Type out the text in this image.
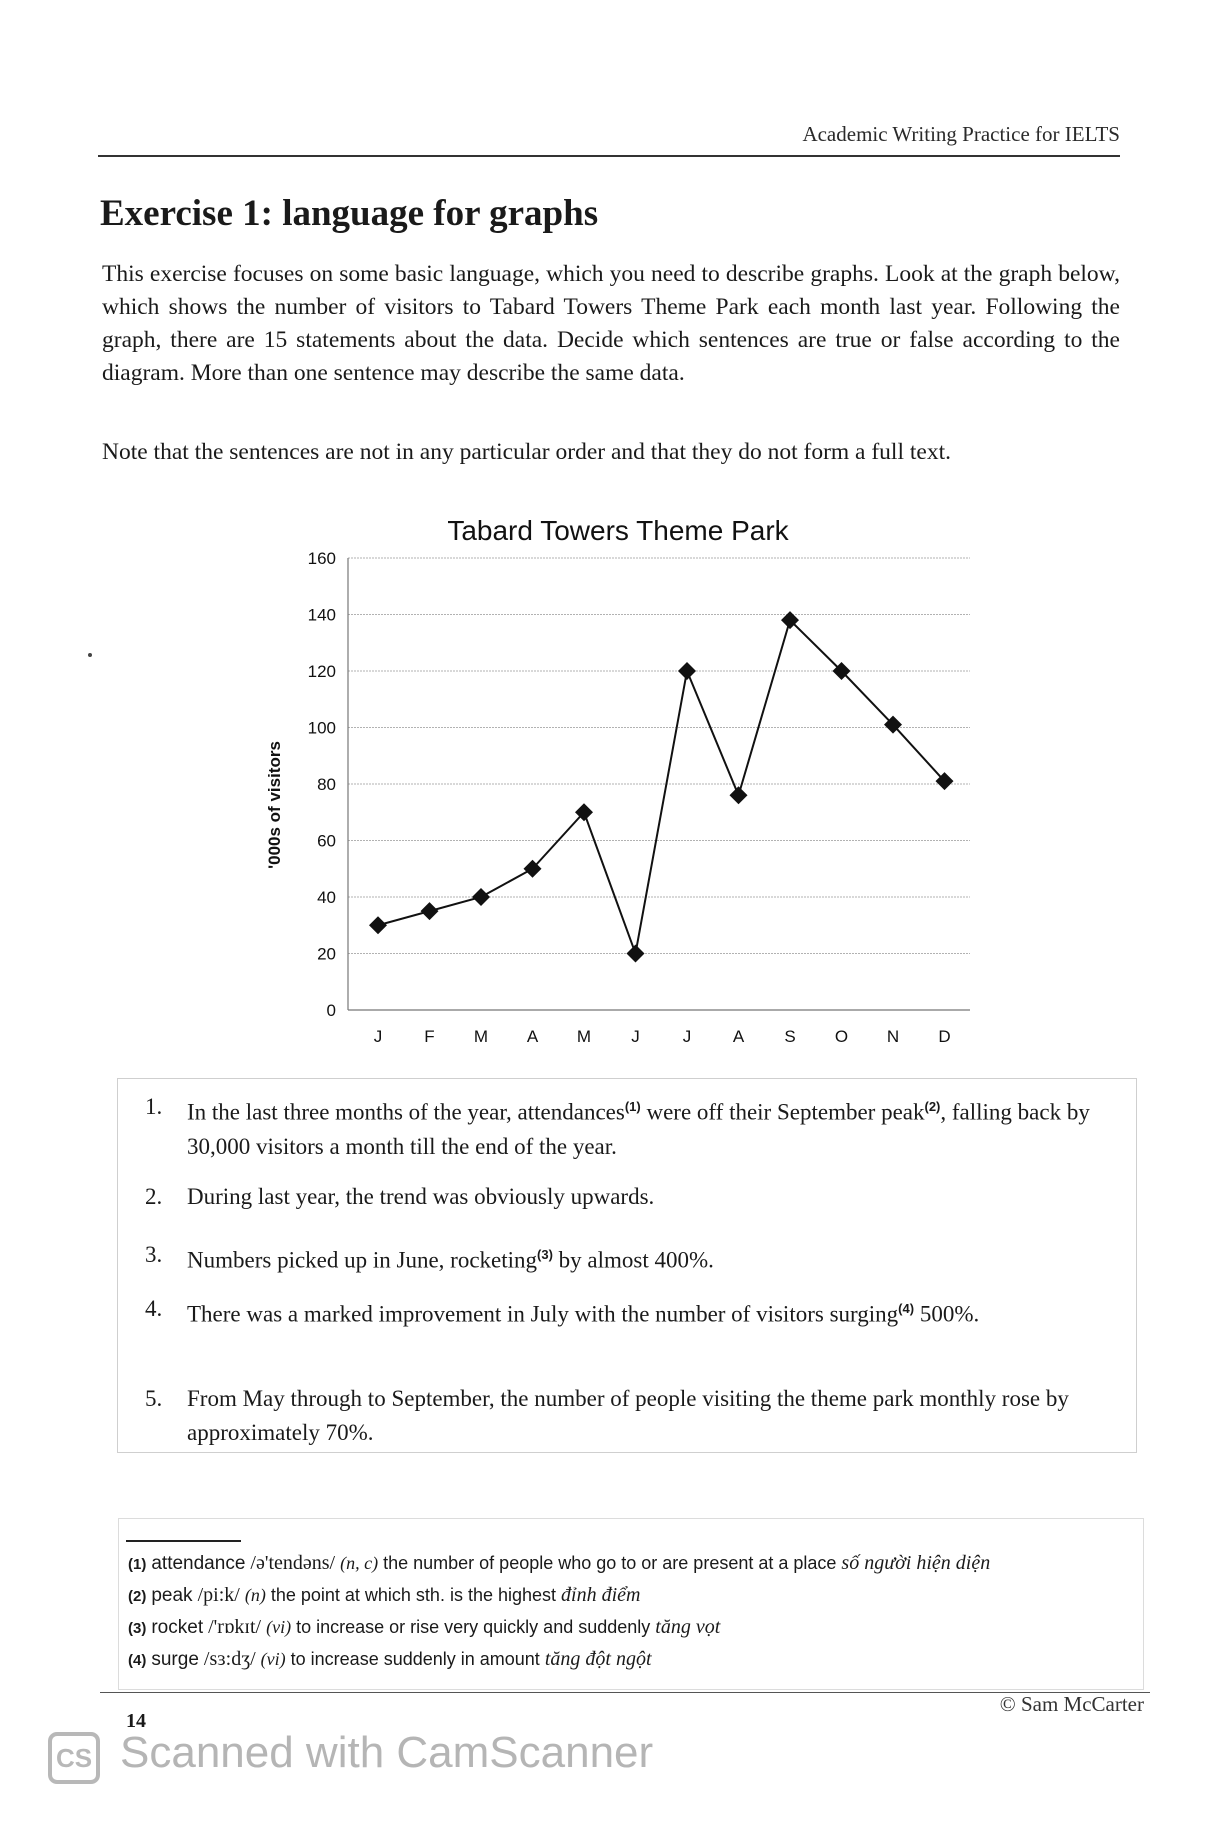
Academic Writing Practice for IELTS
Exercise 1: language for graphs

This exercise focuses on some basic language, which you need to describe graphs. Look at the graph below, which shows the number of visitors to Tabard Towers Theme Park each month last year. Following the graph, there are 15 statements about the data. Decide which sentences are true or false according to the diagram. More than one sentence may describe the same data.

Note that the sentences are not in any particular order and that they do not form a full text.

Tabard Towers Theme Park
0
20
40
60
80
100
120
140
160
J F M A M J	J A S O N D
'000s of visitors
1. In the last three months of the year, attendances$^{(1)}$ were off their September peak$^{(2)}$, falling back by 30,000 visitors a month till the end of the year.
2. During last year, the trend was obviously upwards.
3. Numbers picked up in June, rocketing$^{(3)}$ by almost 400%.
4. There was a marked improvement in July with the number of visitors surging$^{(4)}$ 500%.
5. From May through to September, the number of people visiting the theme park monthly rose by approximately 70%.
(1) attendance /ə'tendəns/ (n, c) the number of people who go to or are present at a place số người hiện diện
(2) peak /pi:k/ (n) the point at which sth. is the highest đỉnh điểm
(3) rocket /'rɒkɪt/ (vi) to increase or rise very quickly and suddenly tăng vọt
(4) surge /sɜ:dʒ/ (vi) to increase suddenly in amount tăng đột ngột
14
© Sam McCarter
CS Scanned with CamScanner
